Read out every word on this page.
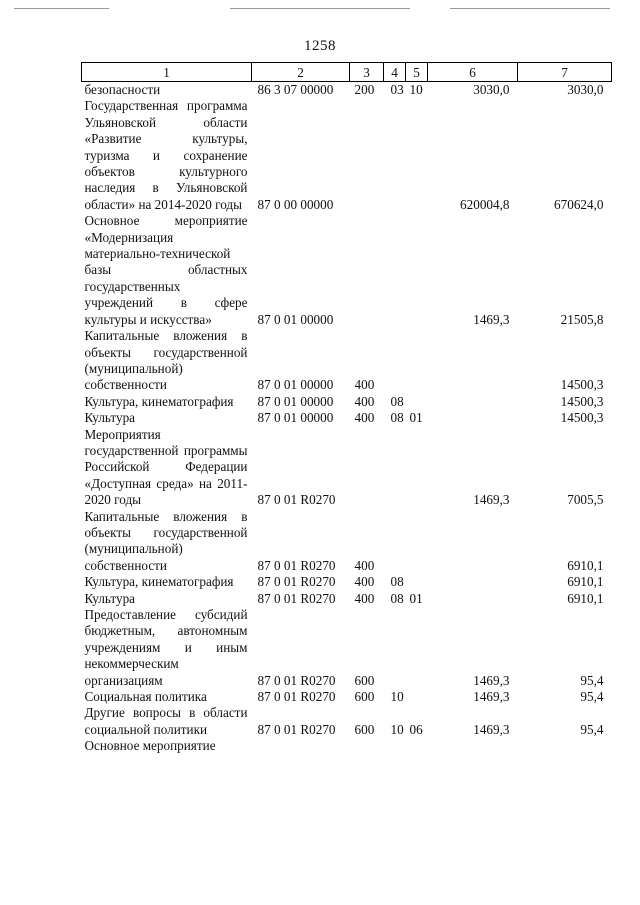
1258
1	2	3	4	5	6	7

безопасности	86 3 07 00000	200	03	10	3030,0	3030,0

Государственная программа Ульяновской области «Развитие культуры, туризма и сохранение объектов культурного наследия в Ульяновской области» на 2014-2020 годы	87 0 00 00000				620004,8	670624,0

Основное мероприятие «Модернизация материально-технической базы областных государственных учреждений в сфере культуры и искусства»	87 0 01 00000				1469,3	21505,8

Капитальные вложения в объекты государственной (муниципальной) собственности	87 0 01 00000	400				14500,3

Культура, кинематография	87 0 01 00000	400	08			14500,3

Культура	87 0 01 00000	400	08	01		14500,3

Мероприятия государственной программы Российской Федерации «Доступная среда» на 2011-2020 годы	87 0 01 R0270				1469,3	7005,5

Капитальные вложения в объекты государственной (муниципальной) собственности	87 0 01 R0270	400				6910,1

Культура, кинематография	87 0 01 R0270	400	08			6910,1

Культура	87 0 01 R0270	400	08	01		6910,1

Предоставление субсидий бюджетным, автономным учреждениям и иным некоммерческим организациям	87 0 01 R0270	600			1469,3	95,4

Социальная политика	87 0 01 R0270	600	10		1469,3	95,4

Другие вопросы в области социальной политики	87 0 01 R0270	600	10	06	1469,3	95,4

Основное мероприятие						
